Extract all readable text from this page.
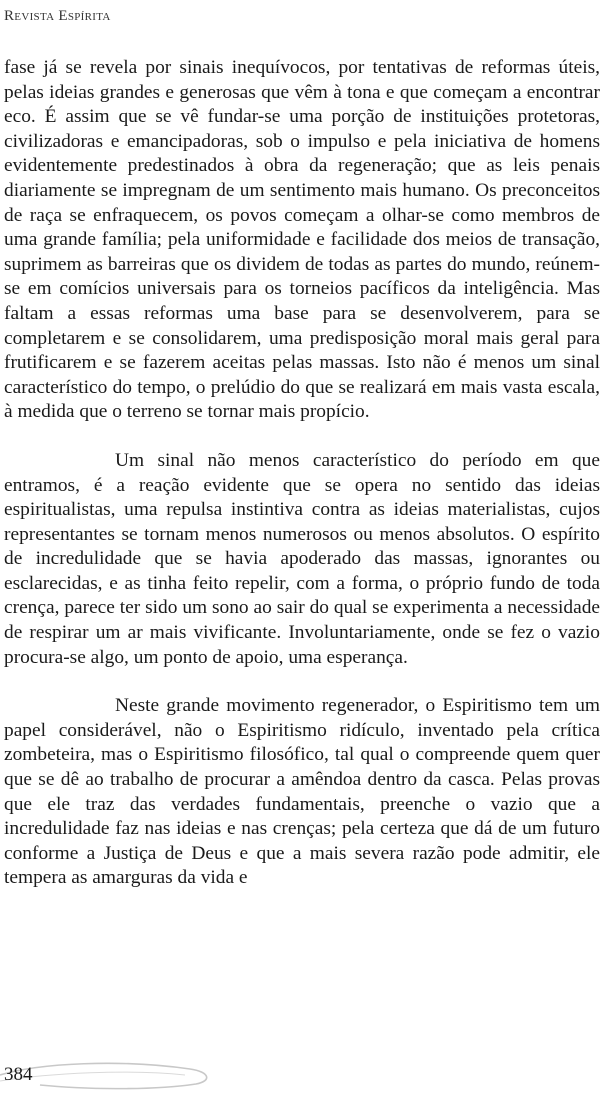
Revista Espírita

fase já se revela por sinais inequívocos, por tentativas de reformas úteis, pelas ideias grandes e generosas que vêm à tona e que começam a encontrar eco. É assim que se vê fundar-se uma porção de instituições protetoras, civilizadoras e emancipadoras, sob o impulso e pela iniciativa de homens evidentemente predestinados à obra da regeneração; que as leis penais diariamente se impregnam de um sentimento mais humano. Os preconceitos de raça se enfraquecem, os povos começam a olhar-se como membros de uma grande família; pela uniformidade e facilidade dos meios de transação, suprimem as barreiras que os dividem de todas as partes do mundo, reúnem-se em comícios universais para os torneios pacíficos da inteligência. Mas faltam a essas reformas uma base para se desenvolverem, para se completarem e se consolidarem, uma predisposição moral mais geral para frutificarem e se fazerem aceitas pelas massas. Isto não é menos um sinal característico do tempo, o prelúdio do que se realizará em mais vasta escala, à medida que o terreno se tornar mais propício.

Um sinal não menos característico do período em que entramos, é a reação evidente que se opera no sentido das ideias espiritualistas, uma repulsa instintiva contra as ideias materialistas, cujos representantes se tornam menos numerosos ou menos absolutos. O espírito de incredulidade que se havia apoderado das massas, ignorantes ou esclarecidas, e as tinha feito repelir, com a forma, o próprio fundo de toda crença, parece ter sido um sono ao sair do qual se experimenta a necessidade de respirar um ar mais vivificante. Involuntariamente, onde se fez o vazio procura-se algo, um ponto de apoio, uma esperança.

Neste grande movimento regenerador, o Espiritismo tem um papel considerável, não o Espiritismo ridículo, inventado pela crítica zombeteira, mas o Espiritismo filosófico, tal qual o compreende quem quer que se dê ao trabalho de procurar a amêndoa dentro da casca. Pelas provas que ele traz das verdades fundamentais, preenche o vazio que a incredulidade faz nas ideias e nas crenças; pela certeza que dá de um futuro conforme a Justiça de Deus e que a mais severa razão pode admitir, ele tempera as amarguras da vida e

384
